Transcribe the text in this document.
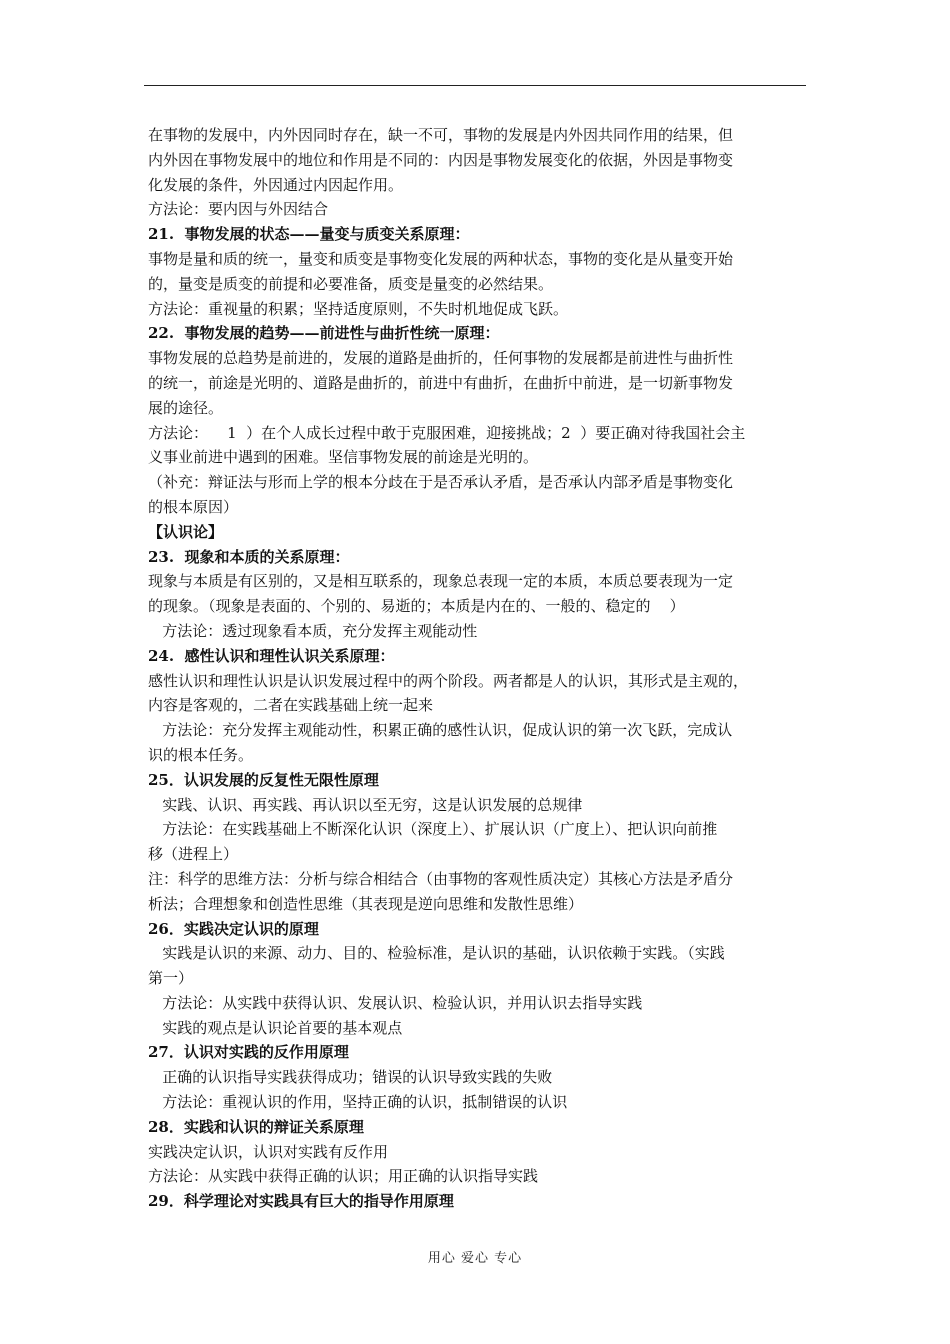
在事物的发展中，内外因同时存在，缺一不可，事物的发展是内外因共同作用的结果，但
内外因在事物发展中的地位和作用是不同的：内因是事物发展变化的依据，外因是事物变
化发展的条件，外因通过内因起作用。
方法论：要内因与外因结合
21.  事物发展的状态——量变与质变关系原理：
事物是量和质的统一，量变和质变是事物变化发展的两种状态，事物的变化是从量变开始
的，量变是质变的前提和必要准备，质变是量变的必然结果。
方法论：重视量的积累；坚持适度原则，不失时机地促成飞跃。
22.  事物发展的趋势——前进性与曲折性统一原理：
事物发展的总趋势是前进的，发展的道路是曲折的，任何事物的发展都是前进性与曲折性
的统一，前途是光明的、道路是曲折的，前进中有曲折，在曲折中前进，是一切新事物发
展的途径。
方法论：    1  ）在个人成长过程中敢于克服困难，迎接挑战；2  ）要正确对待我国社会主
义事业前进中遇到的困难。坚信事物发展的前途是光明的。
（补充：辩证法与形而上学的根本分歧在于是否承认矛盾，是否承认内部矛盾是事物变化
的根本原因）
【认识论】
23.  现象和本质的关系原理：
现象与本质是有区别的，又是相互联系的，现象总表现一定的本质，本质总要表现为一定
的现象。（现象是表面的、个别的、易逝的；本质是内在的、一般的、稳定的    ）
方法论：透过现象看本质，充分发挥主观能动性
24.  感性认识和理性认识关系原理：
感性认识和理性认识是认识发展过程中的两个阶段。两者都是人的认识，其形式是主观的，
内容是客观的，二者在实践基础上统一起来
方法论：充分发挥主观能动性，积累正确的感性认识，促成认识的第一次飞跃，完成认
识的根本任务。
25．认识发展的反复性无限性原理
实践、认识、再实践、再认识以至无穷，这是认识发展的总规律
方法论：在实践基础上不断深化认识（深度上）、扩展认识（广度上）、把认识向前推
移（进程上）
注：科学的思维方法：分析与综合相结合（由事物的客观性质决定）其核心方法是矛盾分
析法；合理想象和创造性思维（其表现是逆向思维和发散性思维）
26．实践决定认识的原理
实践是认识的来源、动力、目的、检验标准，是认识的基础，认识依赖于实践。（实践
第一）
方法论：从实践中获得认识、发展认识、检验认识，并用认识去指导实践
实践的观点是认识论首要的基本观点
27．认识对实践的反作用原理
正确的认识指导实践获得成功；错误的认识导致实践的失败
方法论：重视认识的作用，坚持正确的认识，抵制错误的认识
28．实践和认识的辩证关系原理
实践决定认识，认识对实践有反作用
方法论：从实践中获得正确的认识；用正确的认识指导实践
29．科学理论对实践具有巨大的指导作用原理
用心 爱心 专心
